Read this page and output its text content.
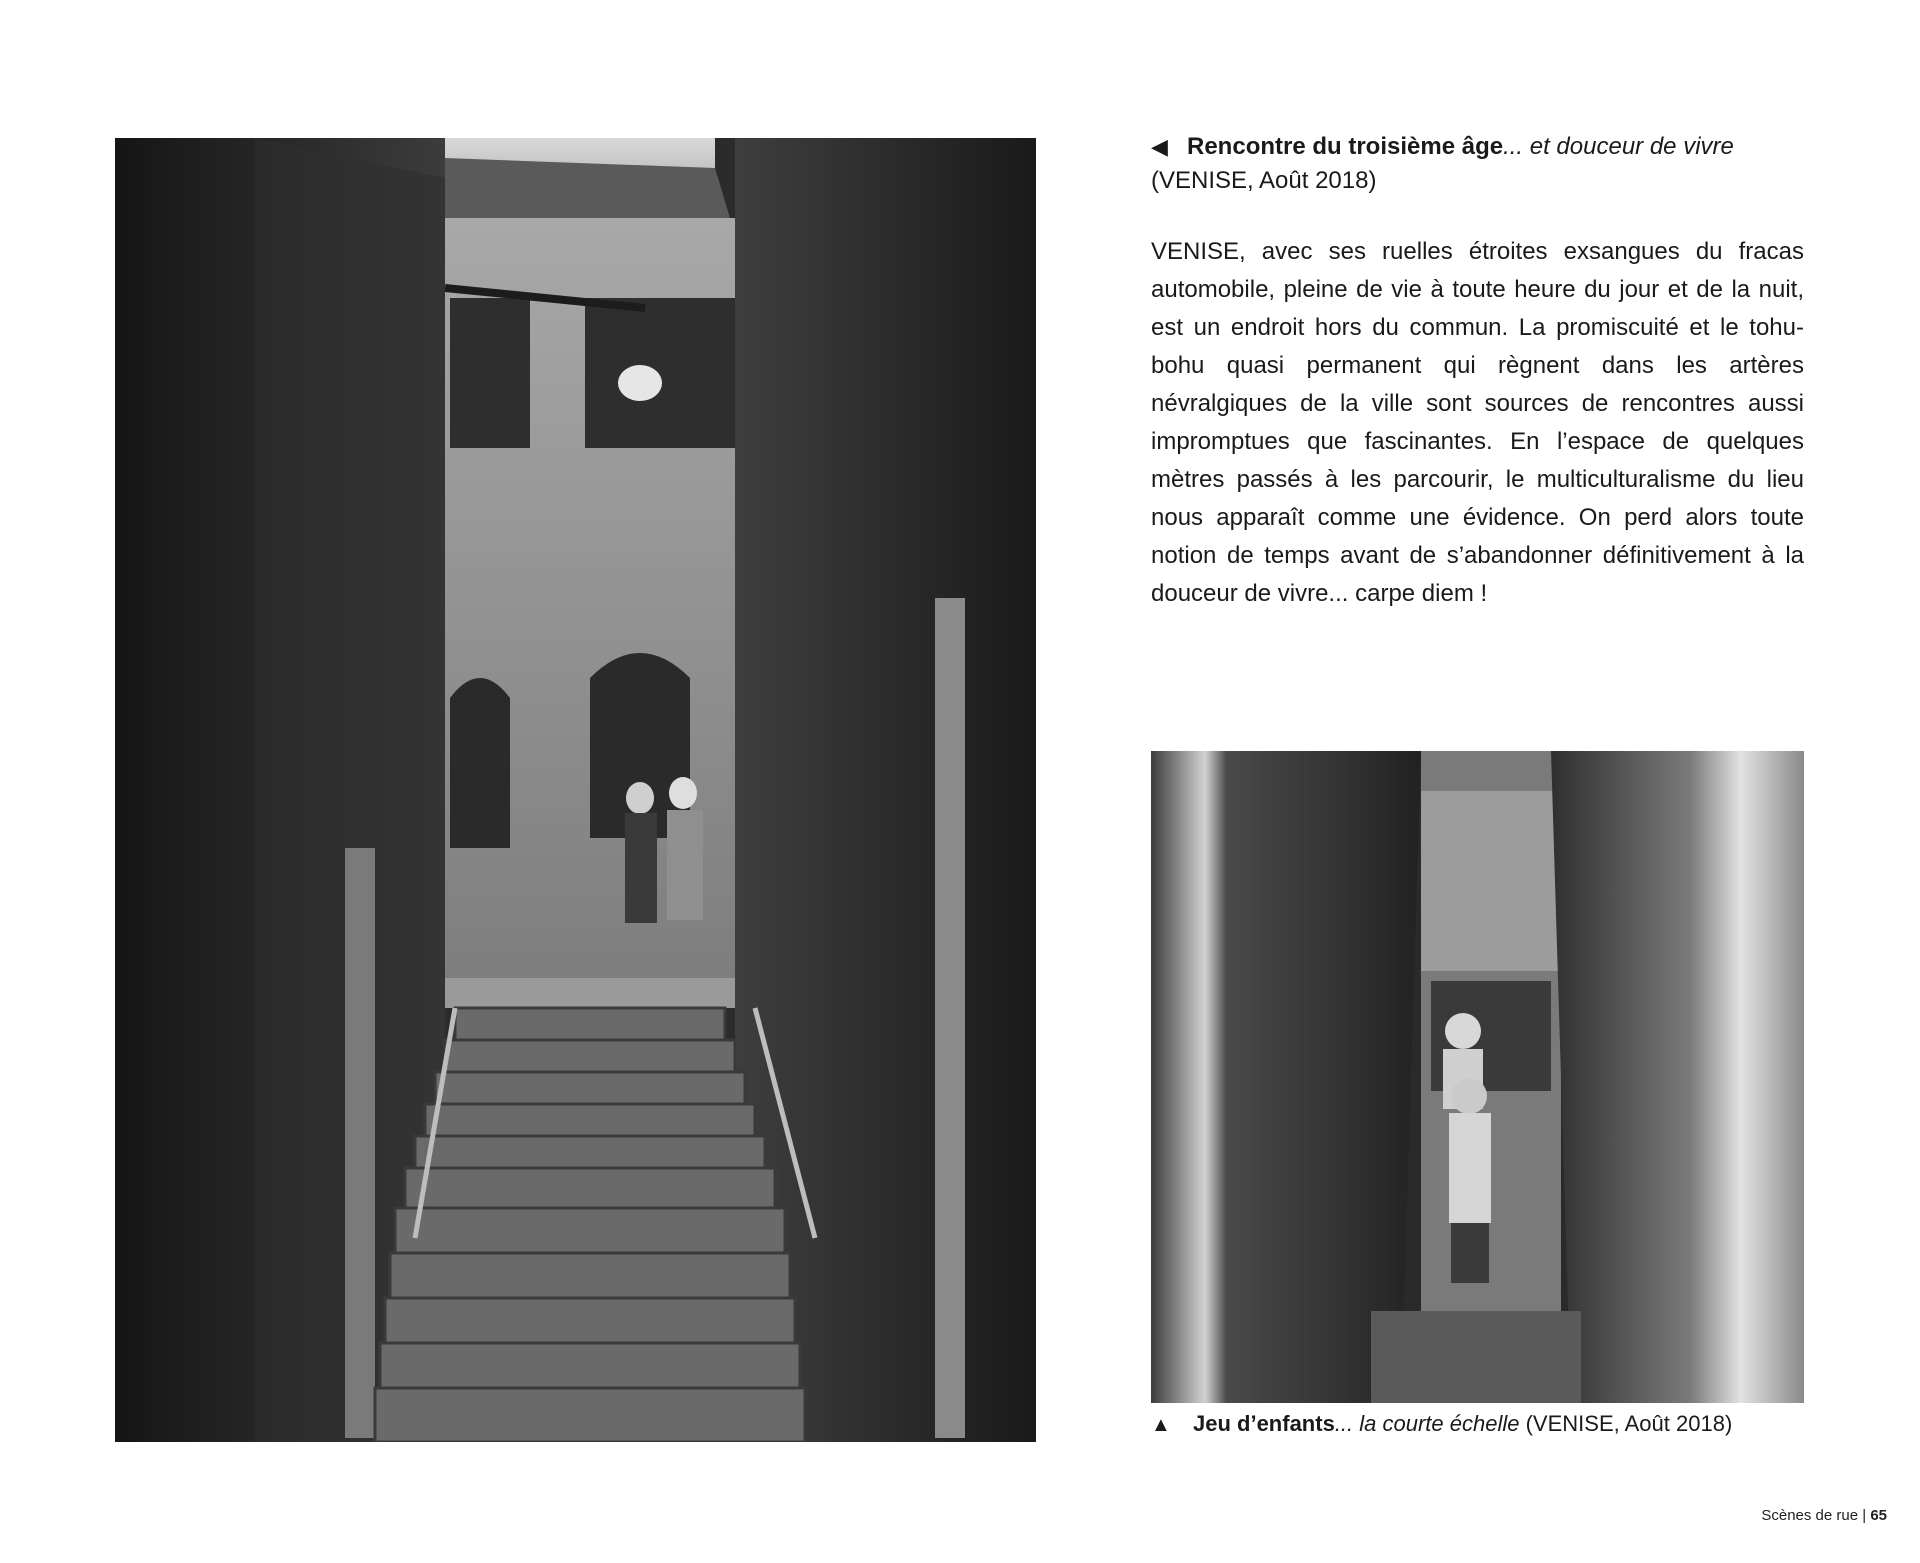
◀ Rencontre du troisième âge... et douceur de vivre
(VENISE, Août 2018)
VENISE, avec ses ruelles étroites exsangues du fracas automobile, pleine de vie à toute heure du jour et de la nuit, est un endroit hors du commun. La promiscuité et le tohu-bohu quasi permanent qui règnent dans les artères névralgiques de la ville sont sources de rencontres aussi impromptues que fascinantes. En l’espace de quelques mètres passés à les parcourir, le multiculturalisme du lieu nous apparaît comme une évidence. On perd alors toute notion de temps avant de s’abandonner définitivement à la douceur de vivre... carpe diem !
▲ Jeu d’enfants... la courte échelle (VENISE, Août 2018)
Scènes de rue | 65
